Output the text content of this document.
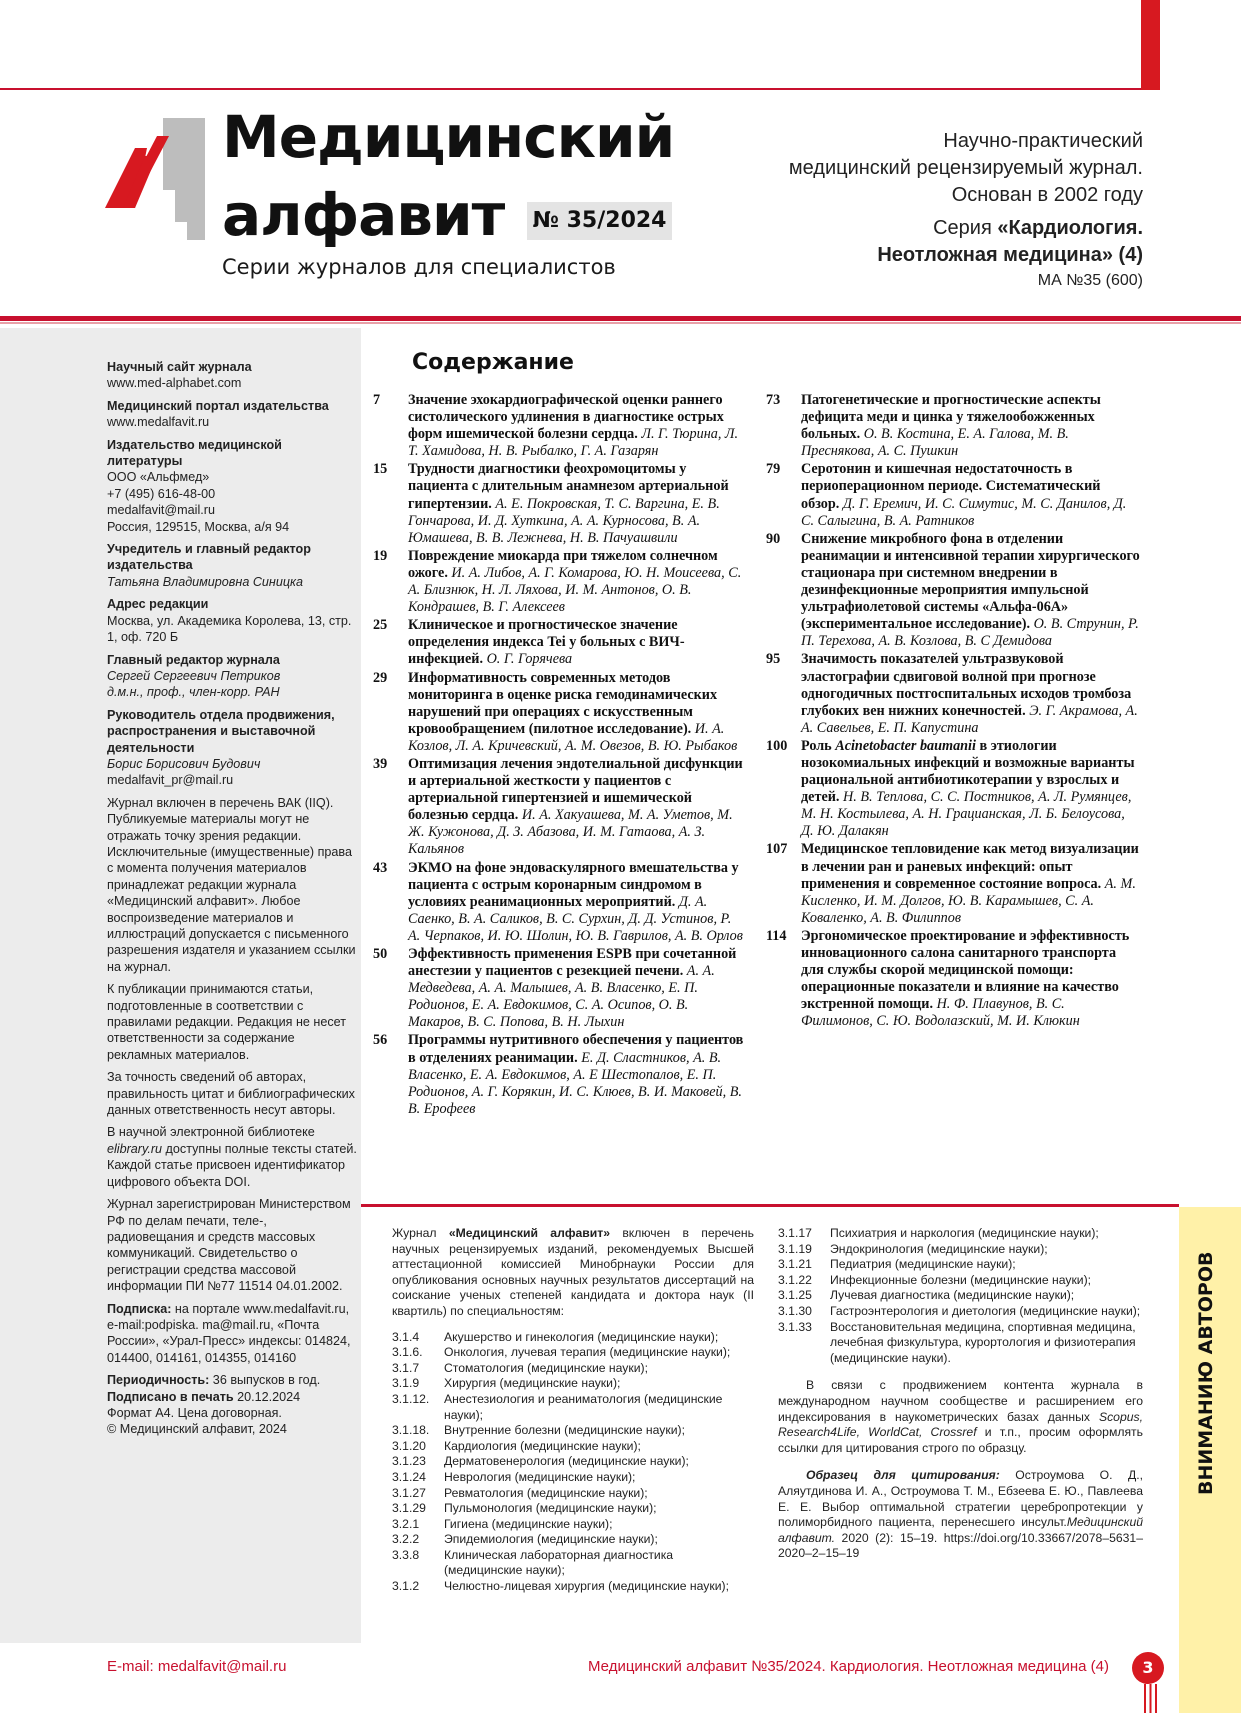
Медицинский
алфавит № 35/2024
Серии журналов для специалистов
Научно-практический
медицинский рецензируемый журнал.
Основан в 2002 году
Серия «Кардиология.
Неотложная медицина» (4)
МА №35 (600)
Научный сайт журнала
www.med-alphabet.com
Медицинский портал издательства
www.medalfavit.ru
Издательство медицинской литературы
ООО «Альфмед»
+7 (495) 616-48-00
medalfavit@mail.ru
Россия, 129515, Москва, а/я 94
Учредитель и главный редактор издательства
Татьяна Владимировна Синицка
Адрес редакции
Москва, ул. Академика Королева, 13, стр. 1, оф. 720 Б
Главный редактор журнала
Сергей Сергеевич Петриков
д.м.н., проф., член-корр. РАН
Руководитель отдела продвижения, распространения и выставочной деятельности
Борис Борисович Будович
medalfavit_pr@mail.ru
Журнал включен в перечень ВАК (IIQ). Публикуемые материалы могут не отражать точку зрения редакции. Исключительные (имущественные) права с момента получения материалов принадлежат редакции журнала «Медицинский алфавит». Любое воспроизведение материалов и иллюстраций допускается с письменного разрешения издателя и указанием ссылки на журнал.
К публикации принимаются статьи, подготовленные в соответствии с правилами редакции. Редакция не несет ответственности за содержание рекламных материалов.
За точность сведений об авторах, правильность цитат и библиографических данных ответственность несут авторы.
В научной электронной библиотеке elibrary.ru доступны полные тексты статей. Каждой статье присвоен идентификатор цифрового объекта DOI.
Журнал зарегистрирован Министерством РФ по делам печати, теле-, радиовещания и средств массовых коммуникаций. Свидетельство о регистрации средства массовой информации ПИ №77 11514 04.01.2002.
Подписка: на портале www.medalfavit.ru, e-mail:podpiska. ma@mail.ru, «Почта России», «Урал-Пресс» индексы: 014824, 014400, 014161, 014355, 014160
Периодичность: 36 выпусков в год.
Подписано в печать 20.12.2024
Формат А4. Цена договорная.
© Медицинский алфавит, 2024
Содержание
7	Значение эхокардиографической оценки раннего систолического удлинения в диагностике острых форм ишемической болезни сердца. Л. Г. Тюрина, Л. Т. Хамидова, Н. В. Рыбалко, Г. А. Газарян
15	Трудности диагностики феохромоцитомы у пациента с длительным анамнезом артериальной гипертензии. А. Е. Покровская, Т. С. Варгина, Е. В. Гончарова, И. Д. Хуткина, А. А. Курносова, В. А. Юмашева, В. В. Лежнева, Н. В. Пачуашвили
19	Повреждение миокарда при тяжелом солнечном ожоге. И. А. Либов, А. Г. Комарова, Ю. Н. Моисеева, С. А. Близнюк, Н. Л. Ляхова, И. М. Антонов, О. В. Кондрашев, В. Г. Алексеев
25	Клиническое и прогностическое значение определения индекса Tei у больных с ВИЧ-инфекцией. О. Г. Горячева
29	Информативность современных методов мониторинга в оценке риска гемодинамических нарушений при операциях с искусственным кровообращением (пилотное исследование). И. А. Козлов, Л. А. Кричевский, А. М. Овезов, В. Ю. Рыбаков
39	Оптимизация лечения эндотелиальной дисфункции и артериальной жесткости у пациентов с артериальной гипертензией и ишемической болезнью сердца. И. А. Хакуашева, М. А. Уметов, М. Ж. Кужонова, Д. З. Абазова, И. М. Гатаова, А. З. Кальянов
43	ЭКМО на фоне эндоваскулярного вмешательства у пациента с острым коронарным синдромом в условиях реанимационных мероприятий. Д. А. Саенко, В. А. Саликов, В. С. Сурхин, Д. Д. Устинов, Р. А. Черпаков, И. Ю. Шолин, Ю. В. Гаврилов, А. В. Орлов
50	Эффективность применения ESPB при сочетанной анестезии у пациентов с резекцией печени. А. А. Медведева, А. А. Малышев, А. В. Власенко, Е. П. Родионов, Е. А. Евдокимов, С. А. Осипов, О. В. Макаров, В. С. Попова, В. Н. Лыхин
56	Программы нутритивного обеспечения у пациентов в отделениях реанимации. Е. Д. Сластников, А. В. Власенко, Е. А. Евдокимов, А. Е Шестопалов, Е. П. Родионов, А. Г. Корякин, И. С. Клюев, В. И. Маковей, В. В. Ерофеев
73	Патогенетические и прогностические аспекты дефицита меди и цинка у тяжелообожженных больных. О. В. Костина, Е. А. Галова, М. В. Преснякова, А. С. Пушкин
79	Серотонин и кишечная недостаточность в периоперационном периоде. Систематический обзор. Д. Г. Еремич, И. С. Симутис, М. С. Данилов, Д. С. Салыгина, В. А. Ратников
90	Снижение микробного фона в отделении реанимации и интенсивной терапии хирургического стационара при системном внедрении в дезинфекционные мероприятия импульсной ультрафиолетовой системы «Альфа-06А» (экспериментальное исследование). О. В. Струнин, Р. П. Терехова, А. В. Козлова, В. С Демидова
95	Значимость показателей ультразвуковой эластографии сдвиговой волной при прогнозе одногодичных постгоспитальных исходов тромбоза глубоких вен нижних конечностей. Э. Г. Акрамова, А. А. Савельев, Е. П. Капустина
100 Роль Acinetobacter baumanii в этиологии нозокомиальных инфекций и возможные варианты рациональной антибиотикотерапии у взрослых и детей. Н. В. Теплова, С. С. Постников, А. Л. Румянцев, М. Н. Костылева, А. Н. Грацианская, Л. Б. Белоусова, Д. Ю. Далакян
107 Медицинское тепловидение как метод визуализации в лечении ран и раневых инфекций: опыт применения и современное состояние вопроса. А. М. Кисленко, И. М. Долгов, Ю. В. Карамышев, С. А. Коваленко, А. В. Филиппов
114	Эргономическое проектирование и эффективность инновационного салона санитарного транспорта для службы скорой медицинской помощи: операционные показатели и влияние на качество экстренной помощи. Н. Ф. Плавунов, В. С. Филимонов, С. Ю. Водолазский, М. И. Клюкин
Журнал «Медицинский алфавит» включен в перечень научных рецензируемых изданий, рекомендуемых Высшей аттестационной комиссией Минобрнауки России для опубликования основных научных результатов диссертаций на соискание ученых степеней кандидата и доктора наук (II квартиль) по специальностям:
3.1.4	Акушерство и гинекология (медицинские науки);
3.1.6.	Онкология, лучевая терапия (медицинские науки);
3.1.7	Стоматология (медицинские науки);
3.1.9	Хирургия (медицинские науки);
3.1.12.	Анестезиология и реаниматология (медицинские науки);
3.1.18.	Внутренние болезни (медицинские науки);
3.1.20	Кардиология (медицинские науки);
3.1.23	Дерматовенерология (медицинские науки);
3.1.24	Неврология (медицинские науки);
3.1.27	Ревматология (медицинские науки);
3.1.29	Пульмонология (медицинские науки);
3.2.1	Гигиена (медицинские науки);
3.2.2	Эпидемиология (медицинские науки);
3.3.8	Клиническая лабораторная диагностика (медицинские науки);
3.1.2	Челюстно-лицевая хирургия (медицинские науки);
3.1.17	Психиатрия и наркология (медицинские науки);
3.1.19	Эндокринология (медицинские науки);
3.1.21	Педиатрия (медицинские науки);
3.1.22	Инфекционные болезни (медицинские науки);
3.1.25	Лучевая диагностика (медицинские науки);
3.1.30	Гастроэнтерология и диетология (медицинские науки);
3.1.33	Восстановительная медицина, спортивная медицина, лечебная физкультура, курортология и физиотерапия (медицинские науки).
В связи с продвижением контента журнала в международном научном сообществе и расширением его индексирования в наукометрических базах данных Scopus, Research4Life, WorldCat, Crossref и т.п., просим оформлять ссылки для цитирования строго по образцу.
Образец для цитирования: Остроумова О. Д., Аляутдинова И. А., Остроумова Т. М., Ебзеева Е. Ю., Павлеева Е. Е. Выбор оптимальной стратегии церебропротекции у полиморбидного пациента, перенесшего инсульт.Медицинский алфавит. 2020 (2): 15–19. https://doi.org/10.33667/2078–5631–2020–2–15–19
E-mail: medalfavit@mail.ru	Медицинский алфавит №35/2024. Кардиология. Неотложная медицина (4)	3
